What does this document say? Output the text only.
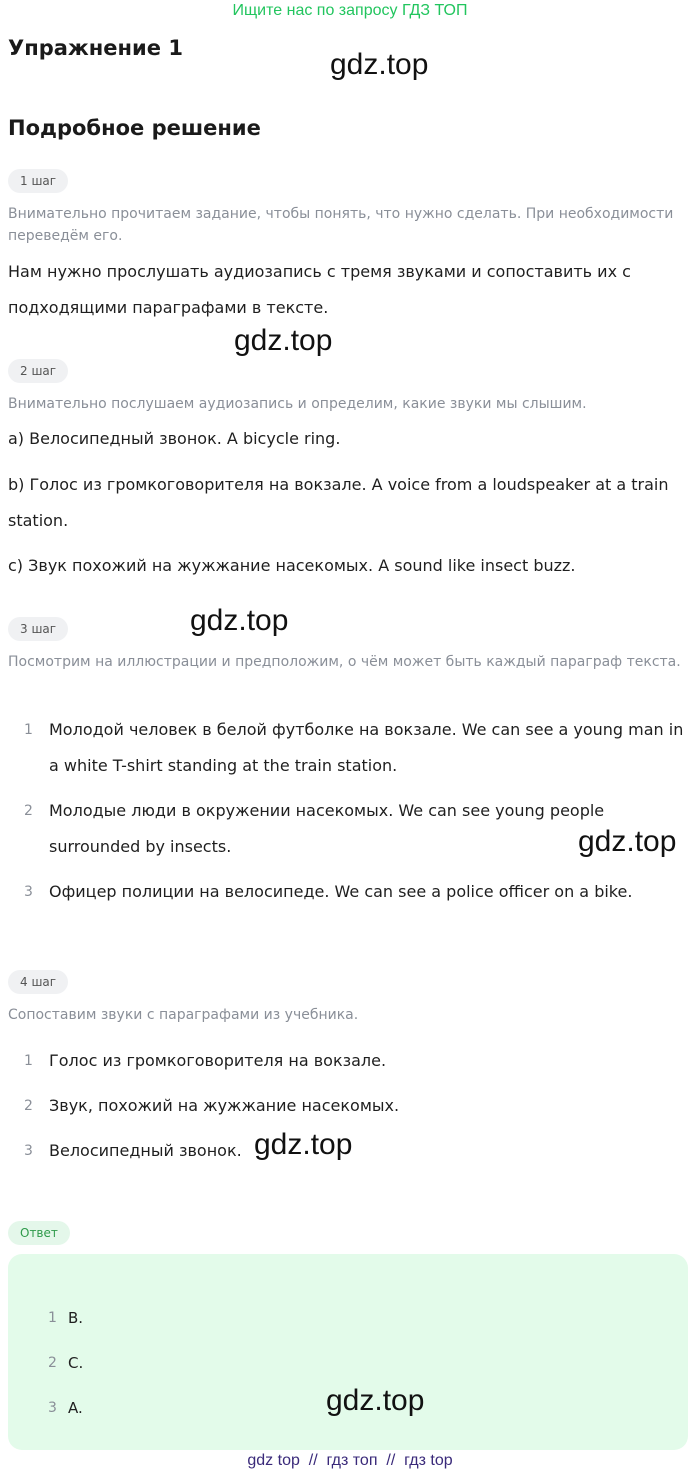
Ищите нас по запросу ГДЗ ТОП
Упражнение 1	gdz.top
Подробное решение
1 шаг
Внимательно прочитаем задание, чтобы понять, что нужно сделать. При необходимости переведём его.
Нам нужно прослушать аудиозапись с тремя звуками и сопоставить их с подходящими параграфами в тексте.
gdz.top
2 шаг
Внимательно послушаем аудиозапись и определим, какие звуки мы слышим.
a) Велосипедный звонок. A bicycle ring.
b) Голос из громкоговорителя на вокзале. A voice from a loudspeaker at a train station.
c) Звук похожий на жужжание насекомых. A sound like insect buzz.
3 шаг	gdz.top
Посмотрим на иллюстрации и предположим, о чём может быть каждый параграф текста.
1 Молодой человек в белой футболке на вокзале. We can see a young man in a white T-shirt standing at the train station.
2 Молодые люди в окружении насекомых. We can see young people surrounded by insects.
3 Офицер полиции на велосипеде. We can see a police officer on a bike.
gdz.top
4 шаг
Сопоставим звуки с параграфами из учебника.
1 Голос из громкоговорителя на вокзале.
2 Звук, похожий на жужжание насекомых.
3 Велосипедный звонок. gdz.top
Ответ
1 B.
2 C.
3 A.	gdz.top
gdz top  //  гдз топ  //  гдз top
